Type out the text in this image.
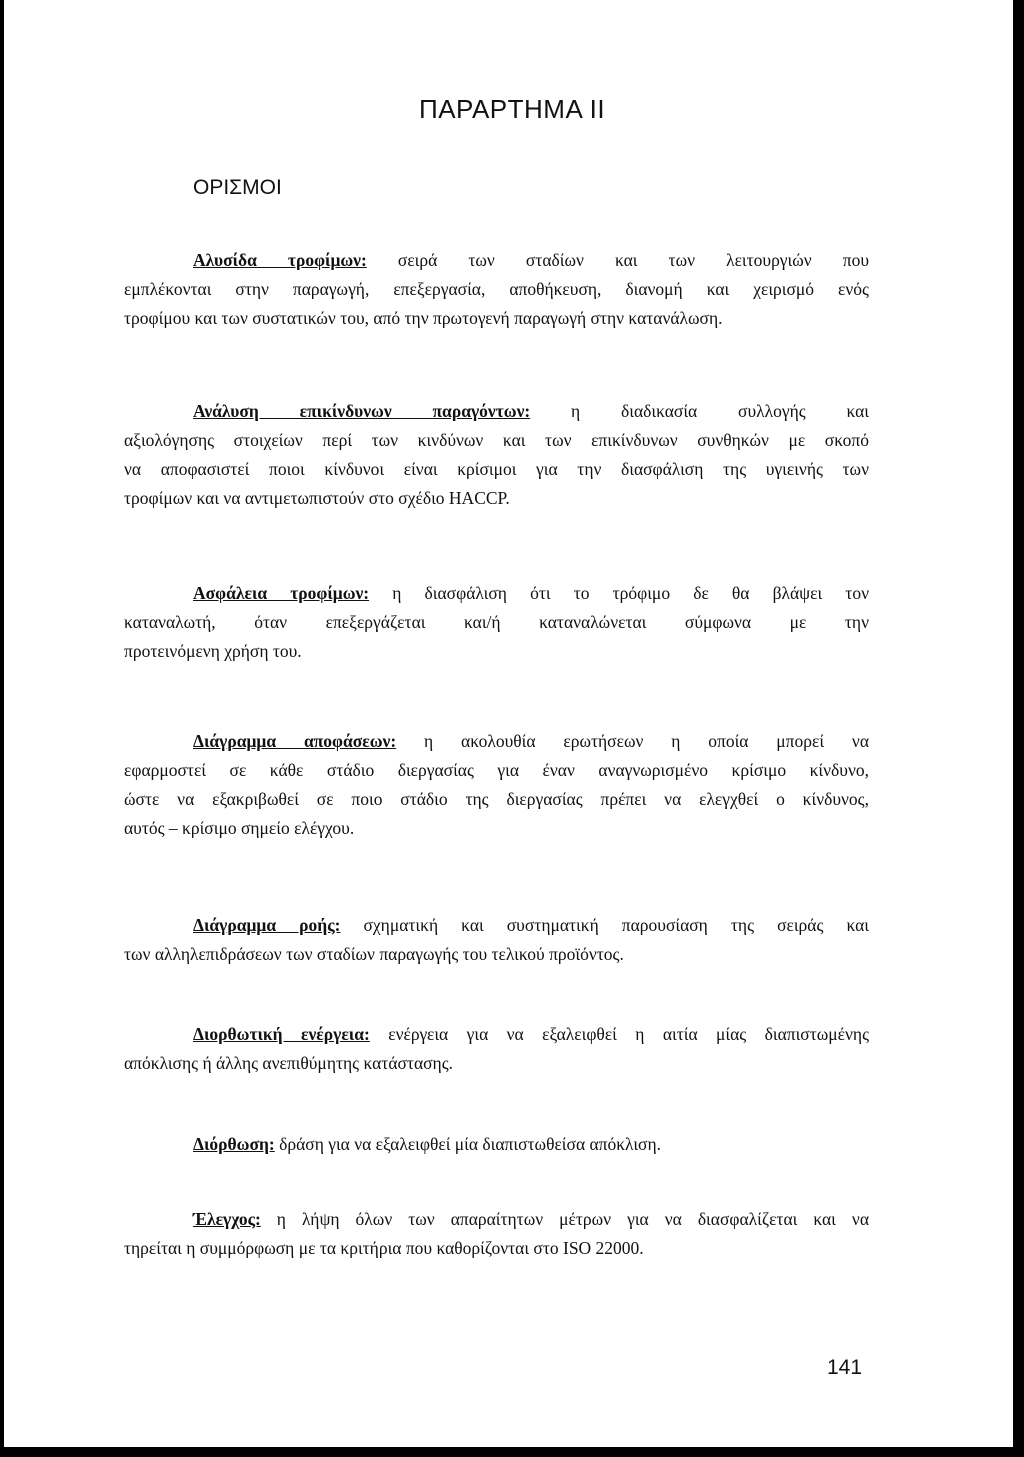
ΠΑΡΑΡΤΗΜΑ ΙΙ
ΟΡΙΣΜΟΙ
Αλυσίδα τροφίμων: σειρά των σταδίων και των λειτουργιών που
εμπλέκονται στην παραγωγή, επεξεργασία, αποθήκευση, διανομή και χειρισμό ενός
τροφίμου και των συστατικών του, από την πρωτογενή παραγωγή στην κατανάλωση.
Ανάλυση επικίνδυνων παραγόντων: η διαδικασία συλλογής και
αξιολόγησης στοιχείων περί των κινδύνων και των επικίνδυνων συνθηκών με σκοπό
να αποφασιστεί ποιοι κίνδυνοι είναι κρίσιμοι για την διασφάλιση της υγιεινής των
τροφίμων και να αντιμετωπιστούν στο σχέδιο HACCP.
Ασφάλεια τροφίμων: η διασφάλιση ότι το τρόφιμο δε θα βλάψει τον
καταναλωτή, όταν επεξεργάζεται και/ή καταναλώνεται σύμφωνα με την
προτεινόμενη χρήση του.
Διάγραμμα αποφάσεων: η ακολουθία ερωτήσεων η οποία μπορεί να
εφαρμοστεί σε κάθε στάδιο διεργασίας για έναν αναγνωρισμένο κρίσιμο κίνδυνο,
ώστε να εξακριβωθεί σε ποιο στάδιο της διεργασίας πρέπει να ελεγχθεί ο κίνδυνος,
αυτός – κρίσιμο σημείο ελέγχου.
Διάγραμμα ροής: σχηματική και συστηματική παρουσίαση της σειράς και
των αλληλεπιδράσεων των σταδίων παραγωγής του τελικού προϊόντος.
Διορθωτική ενέργεια: ενέργεια για να εξαλειφθεί η αιτία μίας διαπιστωμένης
απόκλισης ή άλλης ανεπιθύμητης κατάστασης.
Διόρθωση: δράση για να εξαλειφθεί μία διαπιστωθείσα απόκλιση.
Έλεγχος: η λήψη όλων των απαραίτητων μέτρων για να διασφαλίζεται και να
τηρείται η συμμόρφωση με τα κριτήρια που καθορίζονται στο ISO 22000.
141
